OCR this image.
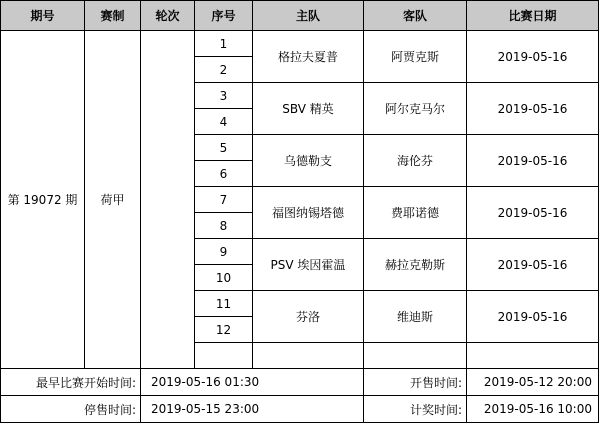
期号	赛制	轮次	序号	主队	客队	比赛日期
第 19072 期	荷甲		1	格拉夫夏普	阿贾克斯	2019-05-16
			2			
			3	SBV 精英	阿尔克马尔	2019-05-16
			4			
			5	乌德勒支	海伦芬	2019-05-16
			6			
			7	福图纳锡塔德	费耶诺德	2019-05-16
			8			
			9	PSV 埃因霍温	赫拉克勒斯	2019-05-16
			10			
			11	芬洛	维迪斯	2019-05-16
			12			

最早比赛开始时间:		2019-05-16 01:30			开售时间:	2019-05-12 20:00
停售时间:		2019-05-15 23:00			计奖时间:	2019-05-16 10:00
